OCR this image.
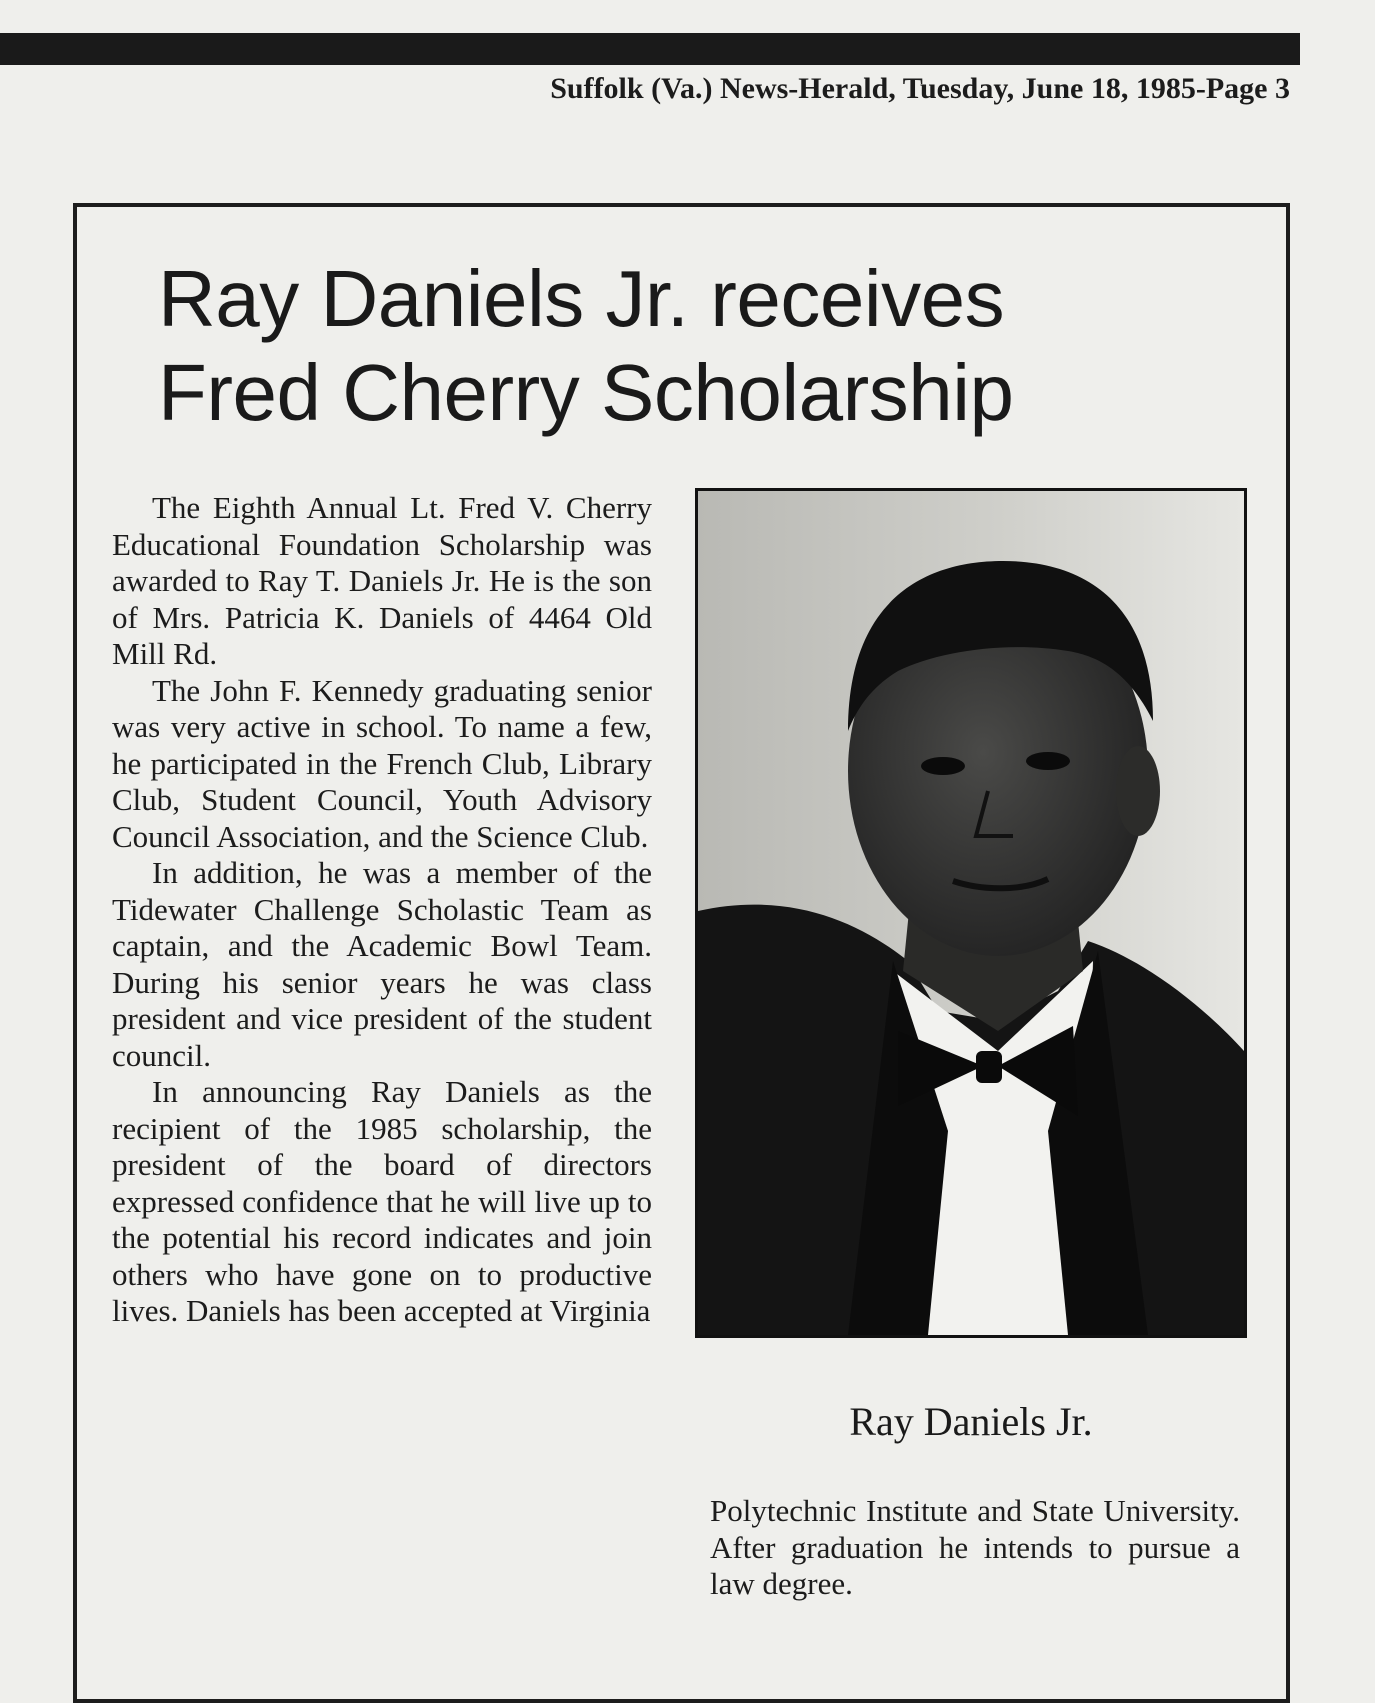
Suffolk (Va.) News-Herald, Tuesday, June 18, 1985-Page 3
Ray Daniels Jr. receives
Fred Cherry Scholarship

The Eighth Annual Lt. Fred V. Cherry Educational Foundation Scholarship was awarded to Ray T. Daniels Jr. He is the son of Mrs. Patricia K. Daniels of 4464 Old Mill Rd.

The John F. Kennedy graduating senior was very active in school. To name a few, he participated in the French Club, Library Club, Student Council, Youth Advisory Council Association, and the Science Club.

In addition, he was a member of the Tidewater Challenge Scholastic Team as captain, and the Academic Bowl Team. During his senior years he was class president and vice president of the student council.

In announcing Ray Daniels as the recipient of the 1985 scholarship, the president of the board of directors expressed confidence that he will live up to the potential his record indicates and join others who have gone on to productive lives. Daniels has been accepted at Virginia

Ray Daniels Jr.
Polytechnic Institute and State University. After graduation he intends to pursue a law degree.
